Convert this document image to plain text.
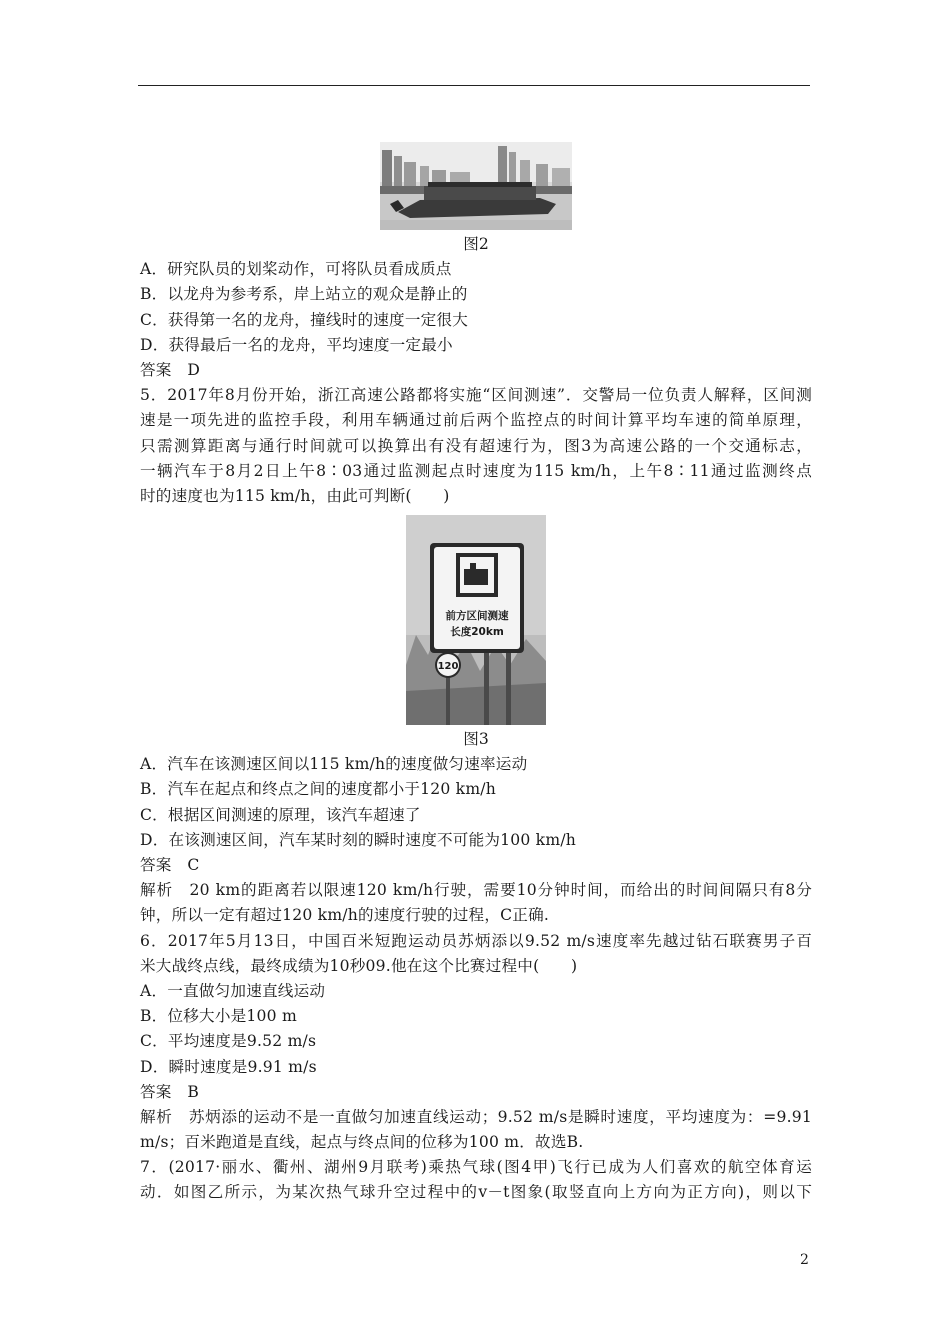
图2
A．研究队员的划桨动作，可将队员看成质点
B．以龙舟为参考系，岸上站立的观众是静止的
C．获得第一名的龙舟，撞线时的速度一定很大
D．获得最后一名的龙舟，平均速度一定最小
答案　D
5．2017年8月份开始，浙江高速公路都将实施“区间测速”．交警局一位负责人解释，区间测
速是一项先进的监控手段，利用车辆通过前后两个监控点的时间计算平均车速的简单原理，
只需测算距离与通行时间就可以换算出有没有超速行为，图3为高速公路的一个交通标志，
一辆汽车于8月2日上午8∶03通过监测起点时速度为115 km/h，上午8∶11通过监测终点
时的速度也为115 km/h，由此可判断(　　)
前方区间测速
长度20km
120
图3
A．汽车在该测速区间以115 km/h的速度做匀速率运动
B．汽车在起点和终点之间的速度都小于120 km/h
C．根据区间测速的原理，该汽车超速了
D．在该测速区间，汽车某时刻的瞬时速度不可能为100 km/h
答案　C
解析　20 km的距离若以限速120 km/h行驶，需要10分钟时间，而给出的时间间隔只有8分
钟，所以一定有超过120 km/h的速度行驶的过程，C正确.
6．2017年5月13日，中国百米短跑运动员苏炳添以9.52 m/s速度率先越过钻石联赛男子百
米大战终点线，最终成绩为10秒09.他在这个比赛过程中(　　)
A．一直做匀加速直线运动
B．位移大小是100 m
C．平均速度是9.52 m/s
D．瞬时速度是9.91 m/s
答案　B
解析　苏炳添的运动不是一直做匀加速直线运动；9.52 m/s是瞬时速度，平均速度为：=9.91
m/s；百米跑道是直线，起点与终点间的位移为100 m．故选B.
7．(2017·丽水、衢州、湖州9月联考)乘热气球(图4甲)飞行已成为人们喜欢的航空体育运
动．如图乙所示，为某次热气球升空过程中的v－t图象(取竖直向上方向为正方向)，则以下
2
